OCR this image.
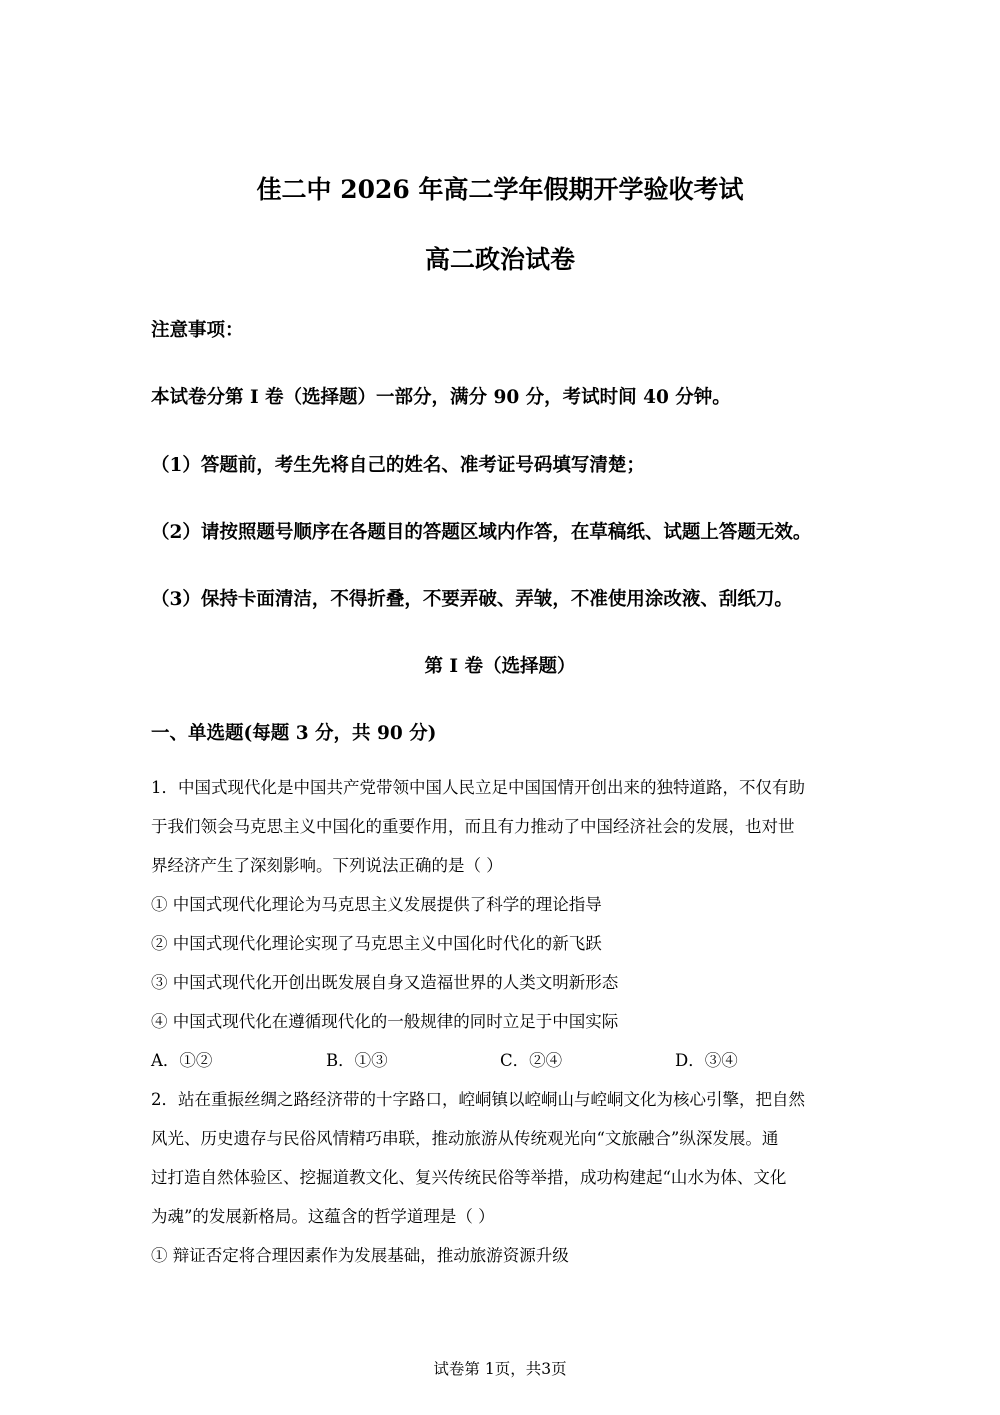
佳二中 2026 年高二学年假期开学验收考试
高二政治试卷
注意事项：
本试卷分第 I 卷（选择题）一部分，满分 90 分，考试时间 40 分钟。
（1）答题前，考生先将自己的姓名、准考证号码填写清楚；
（2）请按照题号顺序在各题目的答题区域内作答，在草稿纸、试题上答题无效。
（3）保持卡面清洁，不得折叠，不要弄破、弄皱，不准使用涂改液、刮纸刀。
第 I 卷（选择题）
一、单选题(每题 3 分，共 90 分)
1．中国式现代化是中国共产党带领中国人民立足中国国情开创出来的独特道路，不仅有助
于我们领会马克思主义中国化的重要作用，而且有力推动了中国经济社会的发展，也对世
界经济产生了深刻影响。下列说法正确的是（ ）
① 中国式现代化理论为马克思主义发展提供了科学的理论指导
② 中国式现代化理论实现了马克思主义中国化时代化的新飞跃
③ 中国式现代化开创出既发展自身又造福世界的人类文明新形态
④ 中国式现代化在遵循现代化的一般规律的同时立足于中国实际
A．①②	B．①③	C．②④	D．③④
2．站在重振丝绸之路经济带的十字路口，崆峒镇以崆峒山与崆峒文化为核心引擎，把自然
风光、历史遗存与民俗风情精巧串联，推动旅游从传统观光向“文旅融合”纵深发展。通
过打造自然体验区、挖掘道教文化、复兴传统民俗等举措，成功构建起“山水为体、文化
为魂”的发展新格局。这蕴含的哲学道理是（ ）
① 辩证否定将合理因素作为发展基础，推动旅游资源升级
试卷第 1页，共3页
